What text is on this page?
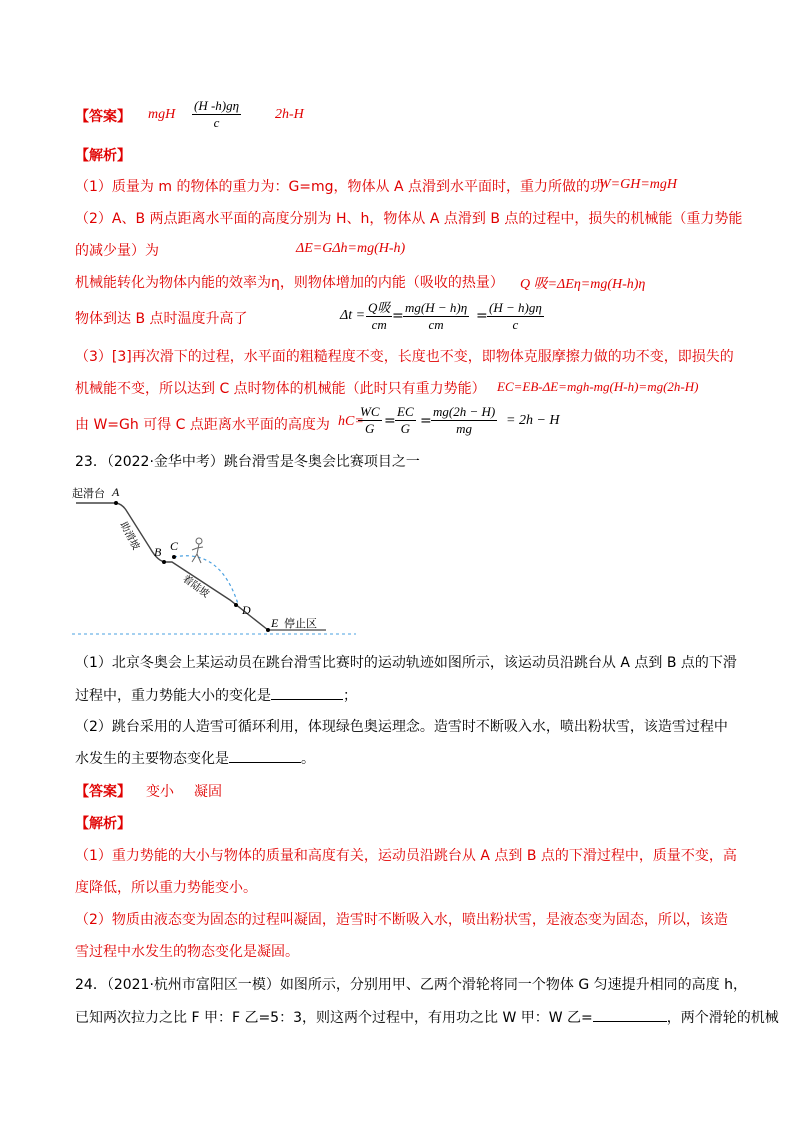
【答案】 mgH $\frac{(H -h)g\eta}{c} 2h-H$
【解析】
（1）质量为 m 的物体的重力为：G=mg，物体从 A 点滑到水平面时，重力所做的功
W=GH=mgH
（2）A、B 两点距离水平面的高度分别为 H、h，物体从 A 点滑到 B 点的过程中，损失的机械能（重力势能
的减少量）为	ΔE=GΔh=mg(H-h)
机械能转化为物体内能的效率为η，则物体增加的内能（吸收的热量） Q 吸=ΔEη=mg(H-h)η
物体到达 B 点时温度升高了	Δt =
Q吸
cm
= $\frac{mg(H - h)\eta}{cm} = \frac{(H - h)g\eta}{c}$
（3）[3]再次滑下的过程，水平面的粗糙程度不变，长度也不变，即物体克服摩擦力做的功不变，即损失的
机械能不变，所以达到 C 点时物体的机械能（此时只有重力势能） EC=EB-ΔE=mgh-mg(H-h)=mg(2h-H)
由 W=Gh 可得 C 点距离水平面的高度为 hC=
$\frac{WC}{G} = \frac{EC}{G} = \frac{mg(2h - H)}{mg} = 2h - H$
23．（2022·金华中考）跳台滑雪是冬奥会比赛项目之一
起滑台 A
B C
D
E 停止区
助滑坡
着陆坡
（1）北京冬奥会上某运动员在跳台滑雪比赛时的运动轨迹如图所示，该运动员沿跳台从 A 点到 B 点的下滑
过程中，重力势能大小的变化是	；
（2）跳台采用的人造雪可循环利用，体现绿色奥运理念。造雪时不断吸入水，喷出粉状雪，该造雪过程中
水发生的主要物态变化是	。
【答案】 变小 凝固
【解析】
（1）重力势能的大小与物体的质量和高度有关，运动员沿跳台从 A 点到 B 点的下滑过程中，质量不变，高
度降低，所以重力势能变小。
（2）物质由液态变为固态的过程叫凝固，造雪时不断吸入水，喷出粉状雪，是液态变为固态，所以，该造
雪过程中水发生的物态变化是凝固。
24．（2021·杭州市富阳区一模）如图所示，分别用甲、乙两个滑轮将同一个物体 G 匀速提升相同的高度 h，
已知两次拉力之比 F 甲：F 乙=5：3，则这两个过程中，有用功之比 W 甲：W 乙=	，两个滑轮的机械
